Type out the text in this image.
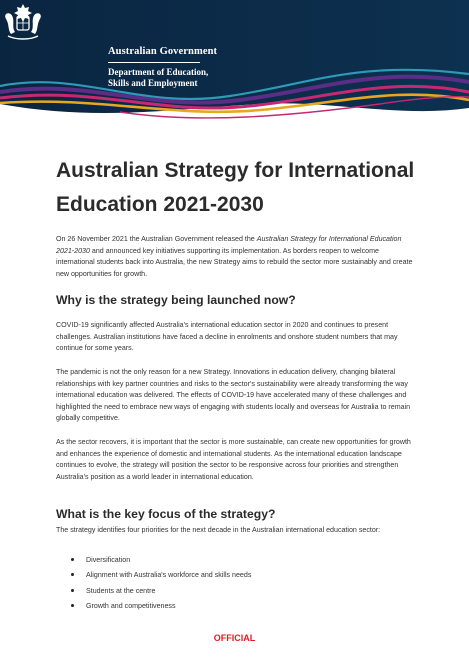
Australian Government
Department of Education,
Skills and Employment
Australian Strategy for International
Education 2021-2030

On 26 November 2021 the Australian Government released the Australian Strategy for International Education 2021-2030 and announced key initiatives supporting its implementation. As borders reopen to welcome international students back into Australia, the new Strategy aims to rebuild the sector more sustainably and create new opportunities for growth.

Why is the strategy being launched now?

COVID-19 significantly affected Australia's international education sector in 2020 and continues to present challenges. Australian institutions have faced a decline in enrolments and onshore student numbers that may continue for some years.

The pandemic is not the only reason for a new Strategy. Innovations in education delivery, changing bilateral relationships with key partner countries and risks to the sector's sustainability were already transforming the way international education was delivered. The effects of COVID-19 have accelerated many of these challenges and highlighted the need to embrace new ways of engaging with students locally and overseas for Australia to remain globally competitive.

As the sector recovers, it is important that the sector is more sustainable, can create new opportunities for growth and enhances the experience of domestic and international students. As the international education landscape continues to evolve, the strategy will position the sector to be responsive across four priorities and strengthen Australia's position as a world leader in international education.

What is the key focus of the strategy?

The strategy identifies four priorities for the next decade in the Australian international education sector:

Diversification
Alignment with Australia's workforce and skills needs
Students at the centre
Growth and competitiveness
OFFICIAL
